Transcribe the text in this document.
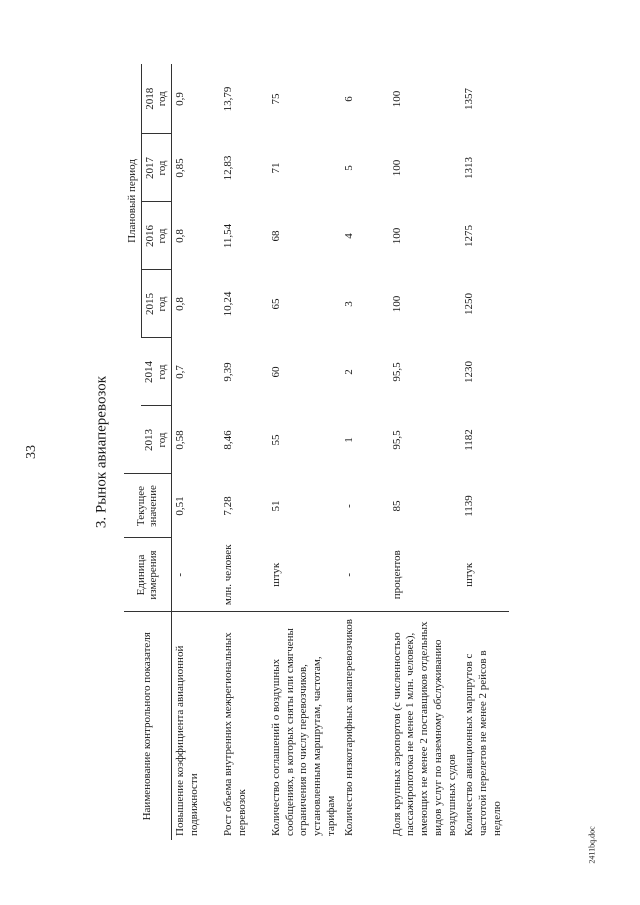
33	3. Рынок авиаперевозок
2411bq.doc
Наименование контрольного показателя	Единица измерения	Текущее значение			Плановый период			

			2013 год	2014 год	2015 год	2016 год	2017 год	2018 год

Повышение коэффициента авиационной подвижности	-	0,51	0,58	0,7	0,8	0,8	0,85	0,9
Рост объема внутренних межрегиональных перевозок	млн. человек	7,28	8,46	9,39	10,24	11,54	12,83	13,79
Количество соглашений о воздушных сообщениях, в которых сняты или смягчены ограничения по числу перевозчиков, установленным маршрутам, частотам, тарифам	штук	51	55	60	65	68	71	75
Количество низкотарифных авиаперевозчиков	-	-	1	2	3	4	5	6
Доля крупных аэропортов (с численностью пассажиропотока не менее 1 млн. человек), имеющих не менее 2 поставщиков отдельных видов услуг по наземному обслуживанию воздушных судов	процентов	85	95,5	95,5	100	100	100	100
Количество авиационных маршрутов с частотой перелетов не менее 2 рейсов в неделю	штук	1139	1182	1230	1250	1275	1313	1357
